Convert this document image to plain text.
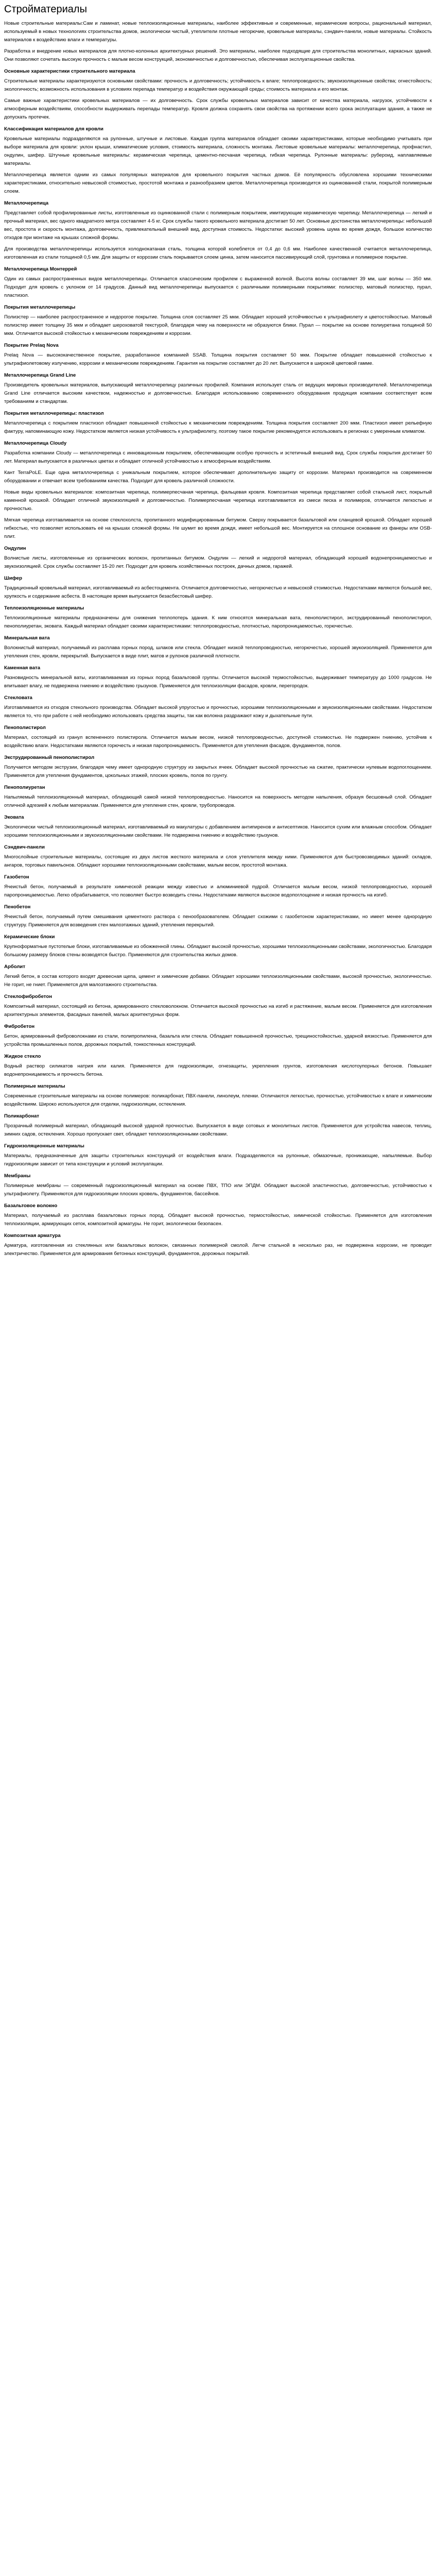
Стройматериалы

Новые строительные материалы:Сам и ламинат, новые теплоизоляционные материалы, наиболее эффективные и современные, керамические вопросы, рациональный материал, используемый в новых технологиях строительства домов, экологически чистый, утеплители плотные негорючие, кровельные материалы, сэндвич-панели, новые материалы. Стойкость материалов к воздействию влаги и температуры.

Разработка и внедрение новых материалов для плотно-колонных архитектурных решений. Это материалы, наиболее подходящие для строительства монолитных, каркасных зданий. Они позволяют сочетать высокую прочность с малым весом конструкций, экономичностью и долговечностью, обеспечивая эксплуатационные свойства.

Основные характеристики строительного материала

Строительные материалы характеризуются основными свойствами: прочность и долговечность; устойчивость к влаге; теплопроводность; звукоизоляционные свойства; огнестойкость; экологичность; возможность использования в условиях перепада температур и воздействия окружающей среды; стоимость материала и его монтаж.

Самые важные характеристики кровельных материалов — их долговечность. Срок службы кровельных материалов зависит от качества материала, нагрузок, устойчивости к атмосферным воздействиям, способности выдерживать перепады температур. Кровля должна сохранять свои свойства на протяжении всего срока эксплуатации здания, а также не допускать протечек.

Классификация материалов для кровли

Кровельные материалы подразделяются на рулонные, штучные и листовые. Каждая группа материалов обладает своими характеристиками, которые необходимо учитывать при выборе материала для кровли: уклон крыши, климатические условия, стоимость материала, сложность монтажа. Листовые кровельные материалы: металлочерепица, профнастил, ондулин, шифер. Штучные кровельные материалы: керамическая черепица, цементно-песчаная черепица, гибкая черепица. Рулонные материалы: рубероид, наплавляемые материалы.

Металлочерепица является одним из самых популярных материалов для кровельного покрытия частных домов. Её популярность обусловлена хорошими техническими характеристиками, относительно невысокой стоимостью, простотой монтажа и разнообразием цветов. Металлочерепица производится из оцинкованной стали, покрытой полимерным слоем.

Металлочерепица

Представляет собой профилированные листы, изготовленные из оцинкованной стали с полимерным покрытием, имитирующие керамическую черепицу. Металлочерепица — легкий и прочный материал, вес одного квадратного метра составляет 4-5 кг. Срок службы такого кровельного материала достигает 50 лет. Основные достоинства металлочерепицы: небольшой вес, простота и скорость монтажа, долговечность, привлекательный внешний вид, доступная стоимость. Недостатки: высокий уровень шума во время дождя, большое количество отходов при монтаже на крышах сложной формы.

Для производства металлочерепицы используется холоднокатаная сталь, толщина которой колеблется от 0,4 до 0,6 мм. Наиболее качественной считается металлочерепица, изготовленная из стали толщиной 0,5 мм. Для защиты от коррозии сталь покрывается слоем цинка, затем наносится пассивирующий слой, грунтовка и полимерное покрытие.

Металлочерепица Монтеррей

Один из самых распространенных видов металлочерепицы. Отличается классическим профилем с выраженной волной. Высота волны составляет 39 мм, шаг волны — 350 мм. Подходит для кровель с уклоном от 14 градусов. Данный вид металлочерепицы выпускается с различными полимерными покрытиями: полиэстер, матовый полиэстер, пурал, пластизол.

Покрытия металлочерепицы

Полиэстер — наиболее распространенное и недорогое покрытие. Толщина слоя составляет 25 мкм. Обладает хорошей устойчивостью к ультрафиолету и цветостойкостью. Матовый полиэстер имеет толщину 35 мкм и обладает шероховатой текстурой, благодаря чему на поверхности не образуются блики. Пурал — покрытие на основе полиуретана толщиной 50 мкм. Отличается высокой стойкостью к механическим повреждениям и коррозии.

Покрытие Prelaq Nova

Prelaq Nova — высококачественное покрытие, разработанное компанией SSAB. Толщина покрытия составляет 50 мкм. Покрытие обладает повышенной стойкостью к ультрафиолетовому излучению, коррозии и механическим повреждениям. Гарантия на покрытие составляет до 20 лет. Выпускается в широкой цветовой гамме.

Металлочерепица Grand Line

Производитель кровельных материалов, выпускающий металлочерепицу различных профилей. Компания использует сталь от ведущих мировых производителей. Металлочерепица Grand Line отличается высоким качеством, надежностью и долговечностью. Благодаря использованию современного оборудования продукция компании соответствует всем требованиям и стандартам.

Покрытия металлочерепицы: пластизол

Металлочерепица с покрытием пластизол обладает повышенной стойкостью к механическим повреждениям. Толщина покрытия составляет 200 мкм. Пластизол имеет рельефную фактуру, напоминающую кожу. Недостатком является низкая устойчивость к ультрафиолету, поэтому такое покрытие рекомендуется использовать в регионах с умеренным климатом.

Металлочерепица Cloudy

Разработка компании Cloudy — металлочерепица с инновационным покрытием, обеспечивающим особую прочность и эстетичный внешний вид. Срок службы покрытия достигает 50 лет. Материал выпускается в различных цветах и обладает отличной устойчивостью к атмосферным воздействиям.

Кант TerraPoLE. Еще одна металлочерепица с уникальным покрытием, которое обеспечивает дополнительную защиту от коррозии. Материал производится на современном оборудовании и отвечает всем требованиям качества. Подходит для кровель различной сложности.

Новые виды кровельных материалов: композитная черепица, полимерпесчаная черепица, фальцевая кровля. Композитная черепица представляет собой стальной лист, покрытый каменной крошкой. Обладает отличной звукоизоляцией и долговечностью. Полимерпесчаная черепица изготавливается из смеси песка и полимеров, отличается легкостью и прочностью.

Мягкая черепица изготавливается на основе стеклохолста, пропитанного модифицированным битумом. Сверху покрывается базальтовой или сланцевой крошкой. Обладает хорошей гибкостью, что позволяет использовать её на крышах сложной формы. Не шумит во время дождя, имеет небольшой вес. Монтируется на сплошное основание из фанеры или OSB-плит.

Ондулин

Волнистые листы, изготовленные из органических волокон, пропитанных битумом. Ондулин — легкий и недорогой материал, обладающий хорошей водонепроницаемостью и звукоизоляцией. Срок службы составляет 15-20 лет. Подходит для кровель хозяйственных построек, дачных домов, гаражей.

Шифер

Традиционный кровельный материал, изготавливаемый из асбестоцемента. Отличается долговечностью, негорючестью и невысокой стоимостью. Недостатками являются большой вес, хрупкость и содержание асбеста. В настоящее время выпускается безасбестовый шифер.

Теплоизоляционные материалы

Теплоизоляционные материалы предназначены для снижения теплопотерь здания. К ним относятся минеральная вата, пенополистирол, экструдированный пенополистирол, пенополиуретан, эковата. Каждый материал обладает своими характеристиками: теплопроводностью, плотностью, паропроницаемостью, горючестью.

Минеральная вата

Волокнистый материал, получаемый из расплава горных пород, шлаков или стекла. Обладает низкой теплопроводностью, негорючестью, хорошей звукоизоляцией. Применяется для утепления стен, кровли, перекрытий. Выпускается в виде плит, матов и рулонов различной плотности.

Каменная вата

Разновидность минеральной ваты, изготавливаемая из горных пород базальтовой группы. Отличается высокой термостойкостью, выдерживает температуру до 1000 градусов. Не впитывает влагу, не подвержена гниению и воздействию грызунов. Применяется для теплоизоляции фасадов, кровли, перегородок.

Стекловата

Изготавливается из отходов стекольного производства. Обладает высокой упругостью и прочностью, хорошими теплоизоляционными и звукоизоляционными свойствами. Недостатком является то, что при работе с ней необходимо использовать средства защиты, так как волокна раздражают кожу и дыхательные пути.

Пенополистирол

Материал, состоящий из гранул вспененного полистирола. Отличается малым весом, низкой теплопроводностью, доступной стоимостью. Не подвержен гниению, устойчив к воздействию влаги. Недостатками являются горючесть и низкая паропроницаемость. Применяется для утепления фасадов, фундаментов, полов.

Экструдированный пенополистирол

Получается методом экструзии, благодаря чему имеет однородную структуру из закрытых ячеек. Обладает высокой прочностью на сжатие, практически нулевым водопоглощением. Применяется для утепления фундаментов, цокольных этажей, плоских кровель, полов по грунту.

Пенополиуретан

Напыляемый теплоизоляционный материал, обладающий самой низкой теплопроводностью. Наносится на поверхность методом напыления, образуя бесшовный слой. Обладает отличной адгезией к любым материалам. Применяется для утепления стен, кровли, трубопроводов.

Эковата

Экологически чистый теплоизоляционный материал, изготавливаемый из макулатуры с добавлением антипиренов и антисептиков. Наносится сухим или влажным способом. Обладает хорошими теплоизоляционными и звукоизоляционными свойствами. Не подвержена гниению и воздействию грызунов.

Сэндвич-панели

Многослойные строительные материалы, состоящие из двух листов жесткого материала и слоя утеплителя между ними. Применяются для быстровозводимых зданий: складов, ангаров, торговых павильонов. Обладают хорошими теплоизоляционными свойствами, малым весом, простотой монтажа.

Газобетон

Ячеистый бетон, получаемый в результате химической реакции между известью и алюминиевой пудрой. Отличается малым весом, низкой теплопроводностью, хорошей паропроницаемостью. Легко обрабатывается, что позволяет быстро возводить стены. Недостатками являются высокое водопоглощение и низкая прочность на изгиб.

Пенобетон

Ячеистый бетон, получаемый путем смешивания цементного раствора с пенообразователем. Обладает схожими с газобетоном характеристиками, но имеет менее однородную структуру. Применяется для возведения стен малоэтажных зданий, утепления перекрытий.

Керамические блоки

Крупноформатные пустотелые блоки, изготавливаемые из обожженной глины. Обладают высокой прочностью, хорошими теплоизоляционными свойствами, экологичностью. Благодаря большому размеру блоков стены возводятся быстро. Применяются для строительства жилых домов.

Арболит

Легкий бетон, в состав которого входят древесная щепа, цемент и химические добавки. Обладает хорошими теплоизоляционными свойствами, высокой прочностью, экологичностью. Не горит, не гниет. Применяется для малоэтажного строительства.

Стеклофибробетон

Композитный материал, состоящий из бетона, армированного стекловолокном. Отличается высокой прочностью на изгиб и растяжение, малым весом. Применяется для изготовления архитектурных элементов, фасадных панелей, малых архитектурных форм.

Фибробетон

Бетон, армированный фиброволокнами из стали, полипропилена, базальта или стекла. Обладает повышенной прочностью, трещиностойкостью, ударной вязкостью. Применяется для устройства промышленных полов, дорожных покрытий, тонкостенных конструкций.

Жидкое стекло

Водный раствор силикатов натрия или калия. Применяется для гидроизоляции, огнезащиты, укрепления грунтов, изготовления кислотоупорных бетонов. Повышает водонепроницаемость и прочность бетона.

Полимерные материалы

Современные строительные материалы на основе полимеров: поликарбонат, ПВХ-панели, линолеум, пленки. Отличаются легкостью, прочностью, устойчивостью к влаге и химическим воздействиям. Широко используются для отделки, гидроизоляции, остекления.

Поликарбонат

Прозрачный полимерный материал, обладающий высокой ударной прочностью. Выпускается в виде сотовых и монолитных листов. Применяется для устройства навесов, теплиц, зимних садов, остекления. Хорошо пропускает свет, обладает теплоизоляционными свойствами.

Гидроизоляционные материалы

Материалы, предназначенные для защиты строительных конструкций от воздействия влаги. Подразделяются на рулонные, обмазочные, проникающие, напыляемые. Выбор гидроизоляции зависит от типа конструкции и условий эксплуатации.

Мембраны

Полимерные мембраны — современный гидроизоляционный материал на основе ПВХ, ТПО или ЭПДМ. Обладают высокой эластичностью, долговечностью, устойчивостью к ультрафиолету. Применяются для гидроизоляции плоских кровель, фундаментов, бассейнов.

Базальтовое волокно

Материал, получаемый из расплава базальтовых горных пород. Обладает высокой прочностью, термостойкостью, химической стойкостью. Применяется для изготовления теплоизоляции, армирующих сеток, композитной арматуры. Не горит, экологически безопасен.

Композитная арматура

Арматура, изготовленная из стеклянных или базальтовых волокон, связанных полимерной смолой. Легче стальной в несколько раз, не подвержена коррозии, не проводит электричество. Применяется для армирования бетонных конструкций, фундаментов, дорожных покрытий.
